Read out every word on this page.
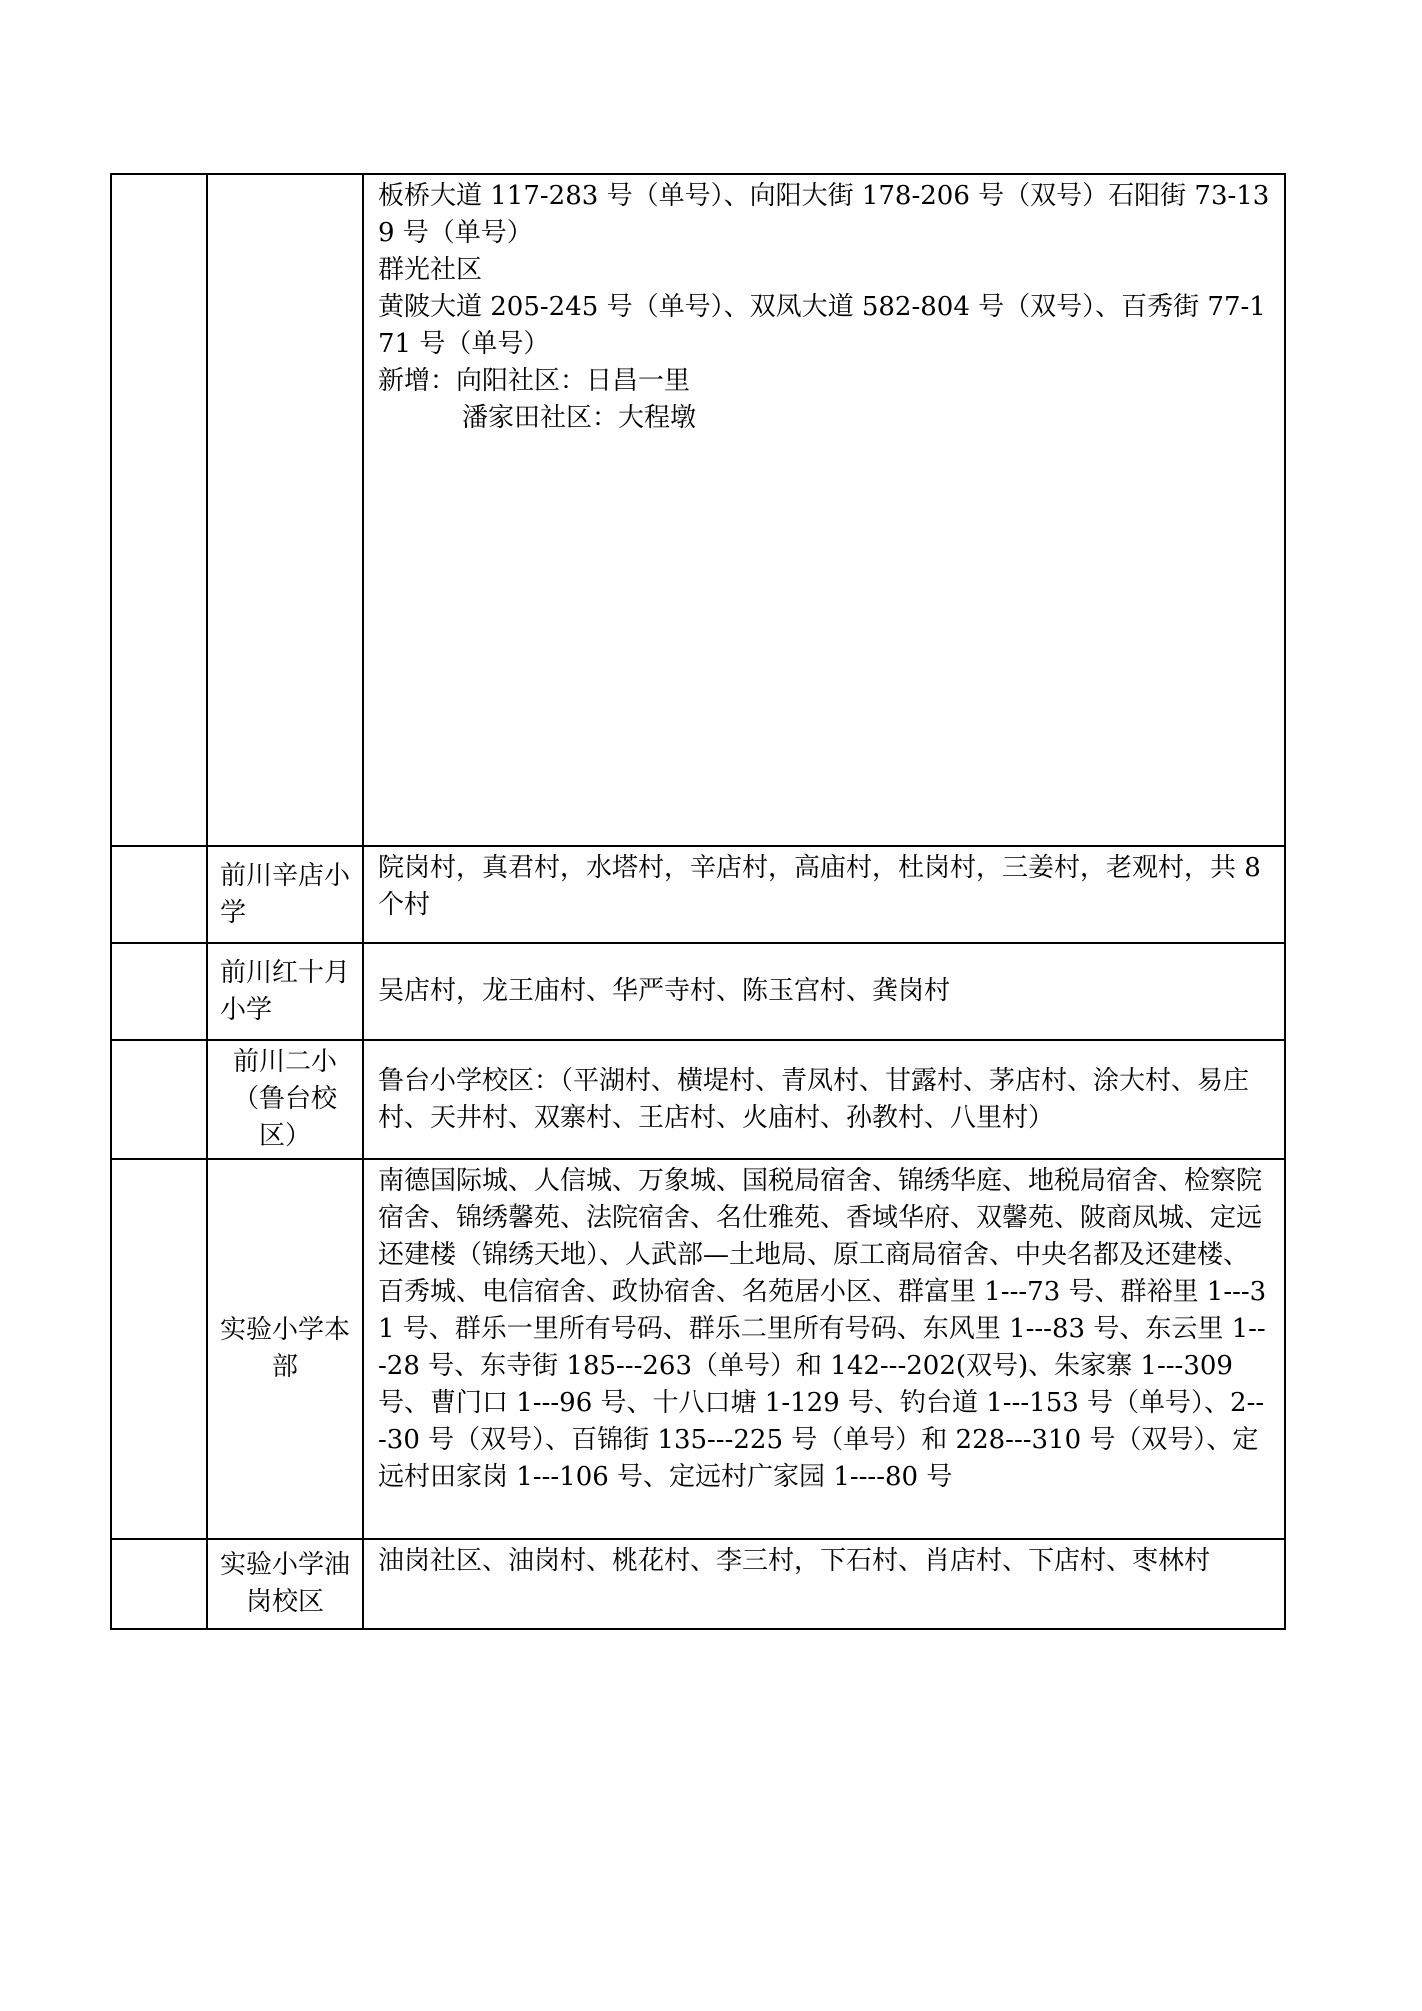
		板桥大道 117-283 号（单号）、向阳大街 178-206 号（双号）石阳街 73-139 号（单号）
群光社区
黄陂大道 205-245 号（单号）、双凤大道 582-804 号（双号）、百秀街 77-171 号（单号）
新增：向阳社区：日昌一里
潘家田社区：大程墩

	前川辛店小学	院岗村，真君村，水塔村，辛店村，高庙村，杜岗村，三姜村，老观村，共 8 个村
	前川红十月小学	吴店村，龙王庙村、华严寺村、陈玉宫村、龚岗村
	前川二小（鲁台校区）	鲁台小学校区：（平湖村、横堤村、青凤村、甘露村、茅店村、涂大村、易庄村、天井村、双寨村、王店村、火庙村、孙教村、八里村）
	实验小学本部	南德国际城、人信城、万象城、国税局宿舍、锦绣华庭、地税局宿舍、检察院宿舍、锦绣馨苑、法院宿舍、名仕雅苑、香域华府、双馨苑、陂商凤城、定远还建楼（锦绣天地）、人武部—土地局、原工商局宿舍、中央名都及还建楼、百秀城、电信宿舍、政协宿舍、名苑居小区、群富里 1---73 号、群裕里 1---31 号、群乐一里所有号码、群乐二里所有号码、东风里 1---83 号、东云里 1---28 号、东寺街 185---263（单号）和 142---202(双号)、朱家寨 1---309 号、曹门口 1---96 号、十八口塘 1-129 号、钓台道 1---153 号（单号）、2---30 号（双号）、百锦街 135---225 号（单号）和 228---310 号（双号）、定远村田家岗 1---106 号、定远村广家园 1----80 号
	实验小学油岗校区	油岗社区、油岗村、桃花村、李三村，下石村、肖店村、下店村、枣林村
